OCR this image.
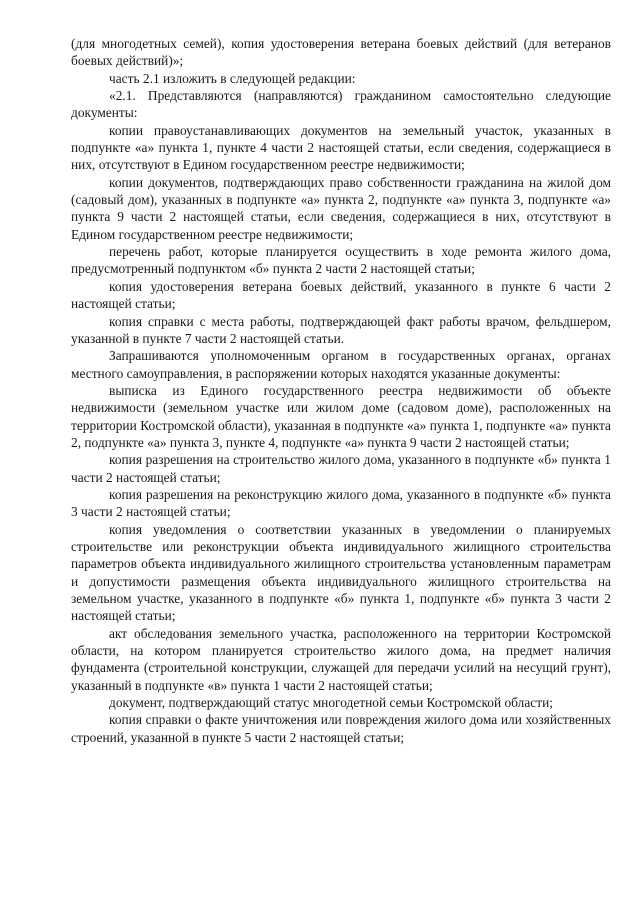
(для многодетных семей), копия удостоверения ветерана боевых действий (для ветеранов боевых действий)»;

часть 2.1 изложить в следующей редакции:

«2.1. Представляются (направляются) гражданином самостоятельно следующие документы:

копии правоустанавливающих документов на земельный участок, указанных в подпункте «а» пункта 1, пункте 4 части 2 настоящей статьи, если сведения, содержащиеся в них, отсутствуют в Едином государственном реестре недвижимости;

копии документов, подтверждающих право собственности гражданина на жилой дом (садовый дом), указанных в подпункте «а» пункта 2, подпункте «а» пункта 3, подпункте «а» пункта 9 части 2 настоящей статьи, если сведения, содержащиеся в них, отсутствуют в Едином государственном реестре недвижимости;

перечень работ, которые планируется осуществить в ходе ремонта жилого дома, предусмотренный подпунктом «б» пункта 2 части 2 настоящей статьи;

копия удостоверения ветерана боевых действий, указанного в пункте 6 части 2 настоящей статьи;

копия справки с места работы, подтверждающей факт работы врачом, фельдшером, указанной в пункте 7 части 2 настоящей статьи.

Запрашиваются уполномоченным органом в государственных органах, органах местного самоуправления, в распоряжении которых находятся указанные документы:

выписка из Единого государственного реестра недвижимости об объекте недвижимости (земельном участке или жилом доме (садовом доме), расположенных на территории Костромской области), указанная в подпункте «а» пункта 1, подпункте «а» пункта 2, подпункте «а» пункта 3, пункте 4, подпункте «а» пункта 9 части 2 настоящей статьи;

копия разрешения на строительство жилого дома, указанного в подпункте «б» пункта 1 части 2 настоящей статьи;

копия разрешения на реконструкцию жилого дома, указанного в подпункте «б» пункта 3 части 2 настоящей статьи;

копия уведомления о соответствии указанных в уведомлении о планируемых строительстве или реконструкции объекта индивидуального жилищного строительства параметров объекта индивидуального жилищного строительства установленным параметрам и допустимости размещения объекта индивидуального жилищного строительства на земельном участке, указанного в подпункте «б» пункта 1, подпункте «б» пункта 3 части 2 настоящей статьи;

акт обследования земельного участка, расположенного на территории Костромской области, на котором планируется строительство жилого дома, на предмет наличия фундамента (строительной конструкции, служащей для передачи усилий на несущий грунт), указанный в подпункте «в» пункта 1 части 2 настоящей статьи;

документ, подтверждающий статус многодетной семьи Костромской области;

копия справки о факте уничтожения или повреждения жилого дома или хозяйственных строений, указанной в пункте 5 части 2 настоящей статьи;
